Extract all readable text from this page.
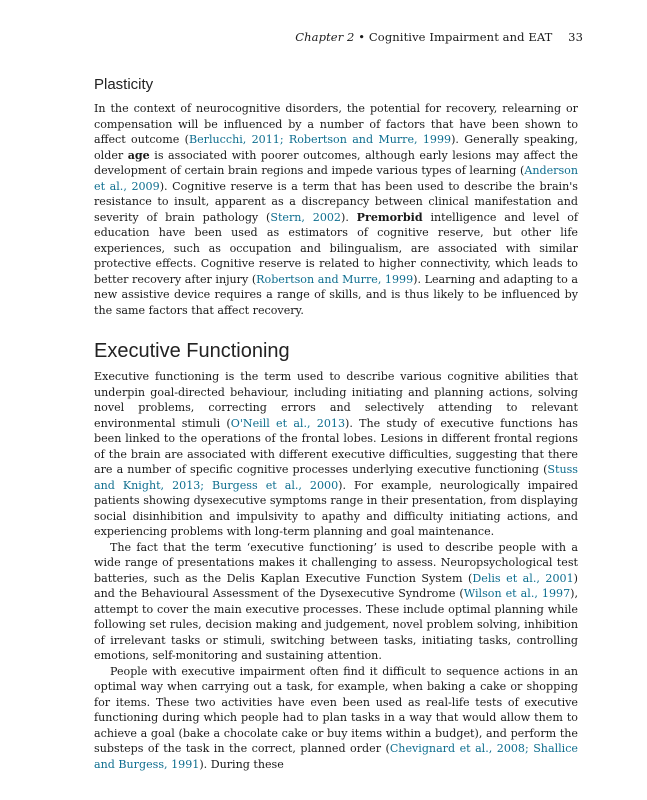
Chapter 2 • Cognitive Impairment and EAT 33
Plasticity

In the context of neurocognitive disorders, the potential for recovery, relearning or compensation will be influenced by a number of factors that have been shown to affect outcome (Berlucchi, 2011; Robertson and Murre, 1999). Generally speaking, older age is associated with poorer outcomes, although early lesions may affect the development of certain brain regions and impede various types of learning (Anderson et al., 2009). Cognitive reserve is a term that has been used to describe the brain's resistance to insult, apparent as a discrepancy between clinical manifestation and severity of brain pathology (Stern, 2002). Premorbid intelligence and level of education have been used as estimators of cognitive reserve, but other life experiences, such as occupation and bilingualism, are associated with similar protective effects. Cognitive reserve is related to higher connectivity, which leads to better recovery after injury (Robertson and Murre, 1999). Learning and adapting to a new assistive device requires a range of skills, and is thus likely to be influenced by the same factors that affect recovery.

Executive Functioning

Executive functioning is the term used to describe various cognitive abilities that underpin goal-directed behaviour, including initiating and planning actions, solving novel problems, correcting errors and selectively attending to relevant environmental stimuli (O'Neill et al., 2013). The study of executive functions has been linked to the operations of the frontal lobes. Lesions in different frontal regions of the brain are associated with different executive difficulties, suggesting that there are a number of specific cognitive processes underlying executive functioning (Stuss and Knight, 2013; Burgess et al., 2000). For example, neurologically impaired patients showing dysexecutive symptoms range in their presentation, from displaying social disinhibition and impulsivity to apathy and difficulty initiating actions, and experiencing problems with long-term planning and goal maintenance.

The fact that the term ‘executive functioning’ is used to describe people with a wide range of presentations makes it challenging to assess. Neuropsychological test batteries, such as the Delis Kaplan Executive Function System (Delis et al., 2001) and the Behavioural Assessment of the Dysexecutive Syndrome (Wilson et al., 1997), attempt to cover the main executive processes. These include optimal planning while following set rules, decision making and judgement, novel problem solving, inhibition of irrelevant tasks or stimuli, switching between tasks, initiating tasks, controlling emotions, self-monitoring and sustaining attention.

People with executive impairment often find it difficult to sequence actions in an optimal way when carrying out a task, for example, when baking a cake or shopping for items. These two activities have even been used as real-life tests of executive functioning during which people had to plan tasks in a way that would allow them to achieve a goal (bake a chocolate cake or buy items within a budget), and perform the substeps of the task in the correct, planned order (Chevignard et al., 2008; Shallice and Burgess, 1991). During these
